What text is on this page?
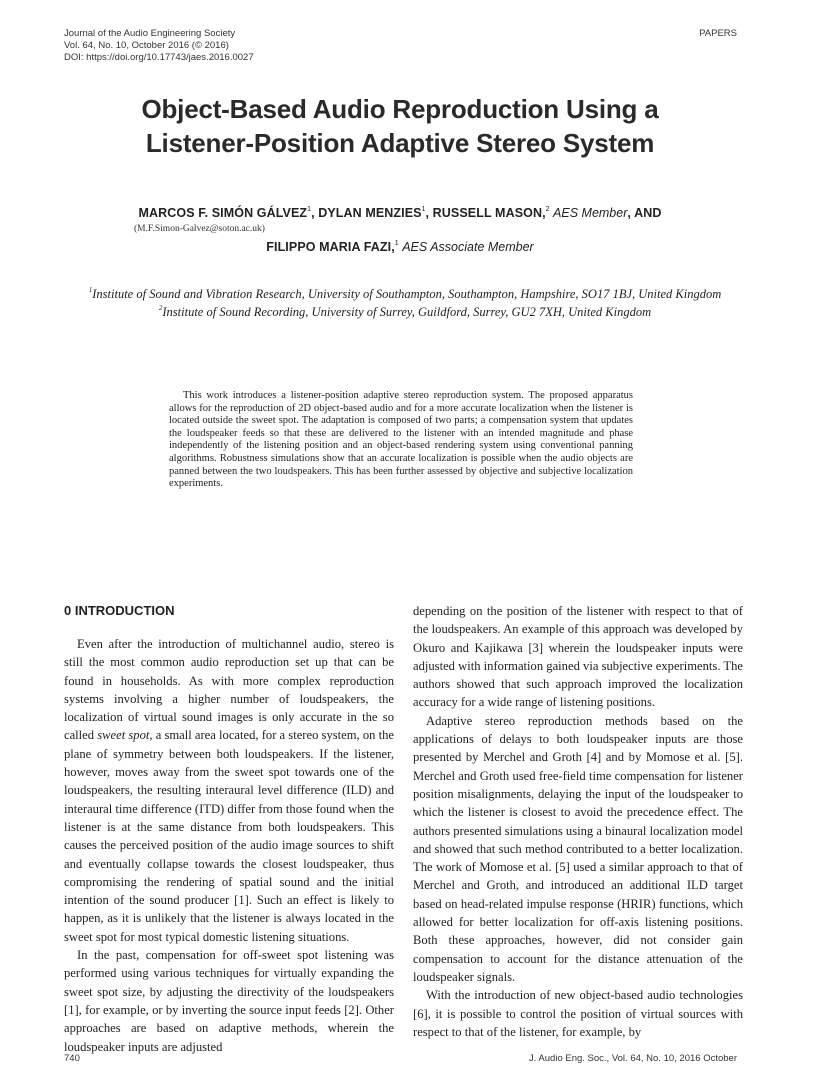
Journal of the Audio Engineering Society
Vol. 64, No. 10, October 2016 (© 2016)
DOI: https://doi.org/10.17743/jaes.2016.0027
PAPERS
Object-Based Audio Reproduction Using a
Listener-Position Adaptive Stereo System
MARCOS F. SIMÓN GÁLVEZ$^1$, DYLAN MENZIES$^1$, RUSSELL MASON,$^2$ AES Member, AND
(M.F.Simon-Galvez@soton.ac.uk)
FILIPPO MARIA FAZI,$^1$ AES Associate Member
$^1$Institute of Sound and Vibration Research, University of Southampton, Southampton, Hampshire, SO17 1BJ, United Kingdom
$^2$Institute of Sound Recording, University of Surrey, Guildford, Surrey, GU2 7XH, United Kingdom

This work introduces a listener-position adaptive stereo reproduction system. The proposed apparatus allows for the reproduction of 2D object-based audio and for a more accurate localization when the listener is located outside the sweet spot. The adaptation is composed of two parts; a compensation system that updates the loudspeaker feeds so that these are delivered to the listener with an intended magnitude and phase independently of the listening position and an object-based rendering system using conventional panning algorithms. Robustness simulations show that an accurate localization is possible when the audio objects are panned between the two loudspeakers. This has been further assessed by objective and subjective localization experiments.

0 INTRODUCTION

Even after the introduction of multichannel audio, stereo is still the most common audio reproduction set up that can be found in households. As with more complex reproduction systems involving a higher number of loudspeakers, the localization of virtual sound images is only accurate in the so called sweet spot, a small area located, for a stereo system, on the plane of symmetry between both loudspeakers. If the listener, however, moves away from the sweet spot towards one of the loudspeakers, the resulting interaural level difference (ILD) and interaural time difference (ITD) differ from those found when the listener is at the same distance from both loudspeakers. This causes the perceived position of the audio image sources to shift and eventually collapse towards the closest loudspeaker, thus compromising the rendering of spatial sound and the initial intention of the sound producer [1]. Such an effect is likely to happen, as it is unlikely that the listener is always located in the sweet spot for most typical domestic listening situations.

In the past, compensation for off-sweet spot listening was performed using various techniques for virtually expanding the sweet spot size, by adjusting the directivity of the loudspeakers [1], for example, or by inverting the source input feeds [2]. Other approaches are based on adaptive methods, wherein the loudspeaker inputs are adjusted

depending on the position of the listener with respect to that of the loudspeakers. An example of this approach was developed by Okuro and Kajikawa [3] wherein the loudspeaker inputs were adjusted with information gained via subjective experiments. The authors showed that such approach improved the localization accuracy for a wide range of listening positions.

Adaptive stereo reproduction methods based on the applications of delays to both loudspeaker inputs are those presented by Merchel and Groth [4] and by Momose et al. [5]. Merchel and Groth used free-field time compensation for listener position misalignments, delaying the input of the loudspeaker to which the listener is closest to avoid the precedence effect. The authors presented simulations using a binaural localization model and showed that such method contributed to a better localization. The work of Momose et al. [5] used a similar approach to that of Merchel and Groth, and introduced an additional ILD target based on head-related impulse response (HRIR) functions, which allowed for better localization for off-axis listening positions. Both these approaches, however, did not consider gain compensation to account for the distance attenuation of the loudspeaker signals.

With the introduction of new object-based audio technologies [6], it is possible to control the position of virtual sources with respect to that of the listener, for example, by

740	J. Audio Eng. Soc., Vol. 64, No. 10, 2016 October
